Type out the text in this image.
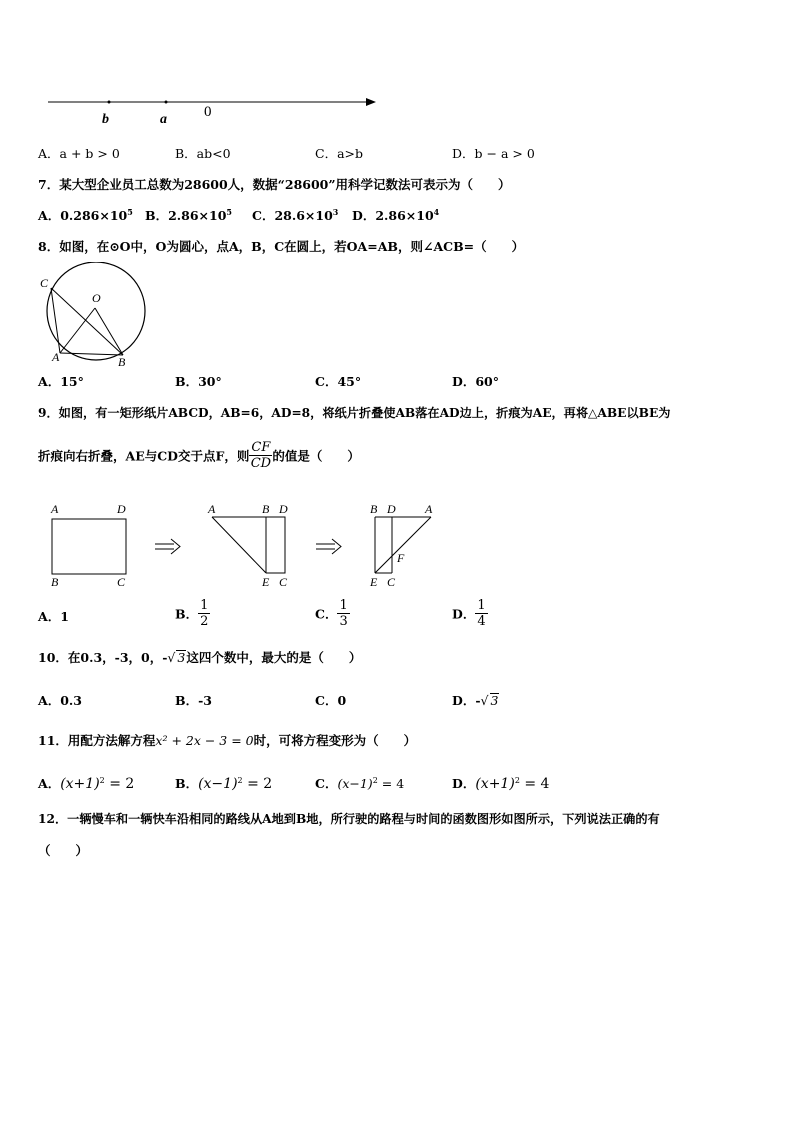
b	a 0
A．a + b > 0	B．ab<0	C．a>b	D．b − a > 0
7．某大型企业员工总数为28600人，数据“28600”用科学记数法可表示为（　　）
A．$0.286\times 10^5$ B．$2.86\times 10^5$ C．$28.6\times 10^3$ D．$2.86\times 10^4$
8．如图，在⊙O中，O为圆心，点A，B，C在圆上，若OA=AB，则∠ACB=（　　）
C
O
A	B
A．15°	B．30°	C．45°	D．60°
9．如图，有一矩形纸片ABCD，AB=6，AD=8，将纸片折叠使AB落在AD边上，折痕为AE，再将△ABE以BE为
折痕向右折叠，AE与CD交于点F，则 $\frac{CF}{CD}$ 的值是（　　）
A	D
B	C
A	B D
E C
B D A
F
E C
A．1	B． $\frac{1}{2}$	C． $\frac{1}{3}$	D． $\frac{1}{4}$
10．在0.3，-3，0，-√ 3这四个数中，最大的是（　　）
A．0.3	B．-3	C．0	D．-√ 3
11．用配方法解方程x² + 2x − 3 = 0时，可将方程变形为（　　）
A．$(x+1)^2 = 2$	B．$(x-1)^2 = 2$	C．$(x-1)^2 = 4$	D．$(x+1)^2 = 4$
12．一辆慢车和一辆快车沿相同的路线从A地到B地，所行驶的路程与时间的函数图形如图所示，下列说法正确的有
（　　）
